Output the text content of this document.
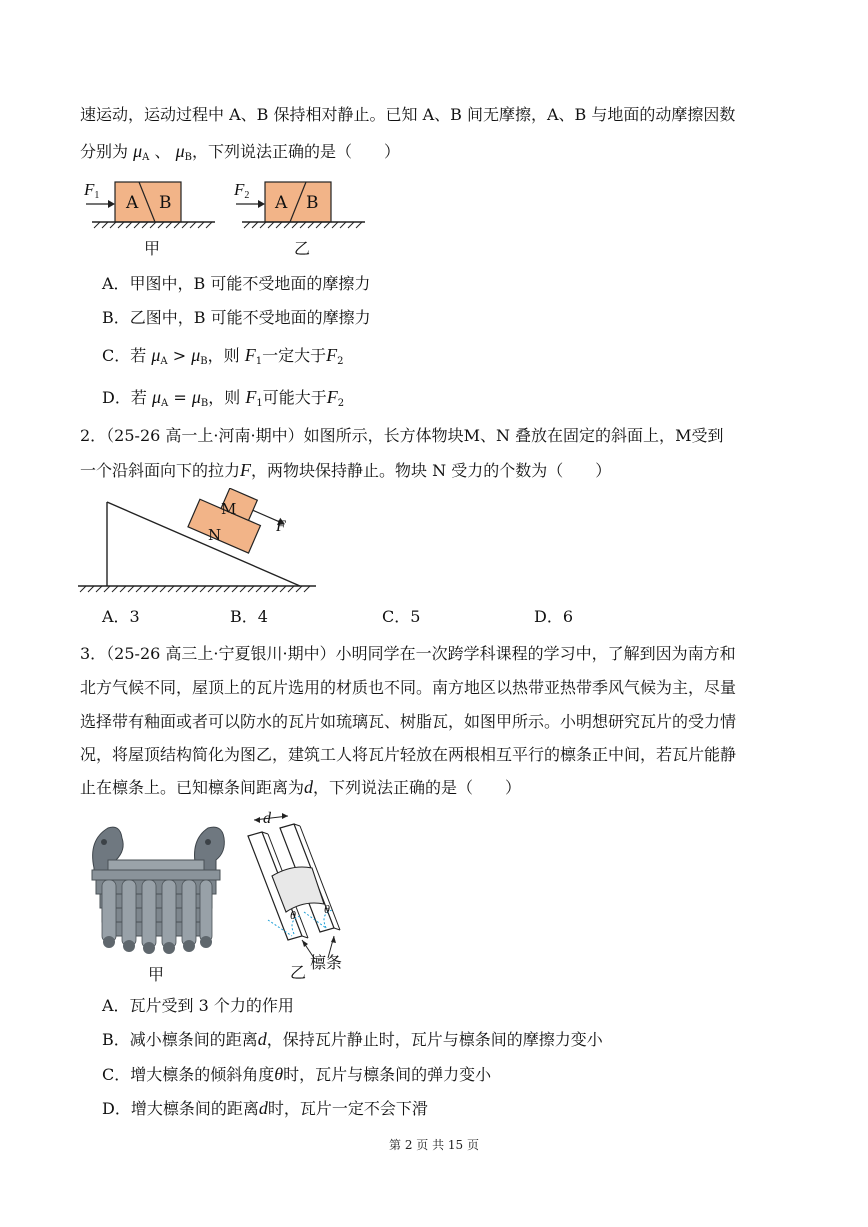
速运动，运动过程中 A、B 保持相对静止。已知 A、B 间无摩擦，A、B 与地面的动摩擦因数
分别为 $\mu_A$ 、 $\mu_B$，下列说法正确的是（　　）
$F_1$ A B
甲
$F_2$ A B
乙
A．甲图中，B 可能不受地面的摩擦力
B．乙图中，B 可能不受地面的摩擦力
C．若 $\mu_A > \mu_B$，则 $F_1$一定大于$F_2$
D．若 $\mu_A = \mu_B$，则 $F_1$可能大于$F_2$
2．（25-26 高一上·河南·期中）如图所示，长方体物块M、N 叠放在固定的斜面上，M受到
一个沿斜面向下的拉力F，两物块保持静止。物块 N 受力的个数为（　　）
M
N	F
A．3	B．4	C．5	D．6
3．（25-26 高三上·宁夏银川·期中）小明同学在一次跨学科课程的学习中，了解到因为南方和
北方气候不同，屋顶上的瓦片选用的材质也不同。南方地区以热带亚热带季风气候为主，尽量
选择带有釉面或者可以防水的瓦片如琉璃瓦、树脂瓦，如图甲所示。小明想研究瓦片的受力情
况，将屋顶结构简化为图乙，建筑工人将瓦片轻放在两根相互平行的檩条正中间，若瓦片能静
止在檩条上。已知檩条间距离为d，下列说法正确的是（　　）
甲
d
θ θ
乙
檩条
A．瓦片受到 3 个力的作用
B．减小檩条间的距离d，保持瓦片静止时，瓦片与檩条间的摩擦力变小
C．增大檩条的倾斜角度θ时，瓦片与檩条间的弹力变小
D．增大檩条间的距离d时，瓦片一定不会下滑
第 2 页 共 15 页
